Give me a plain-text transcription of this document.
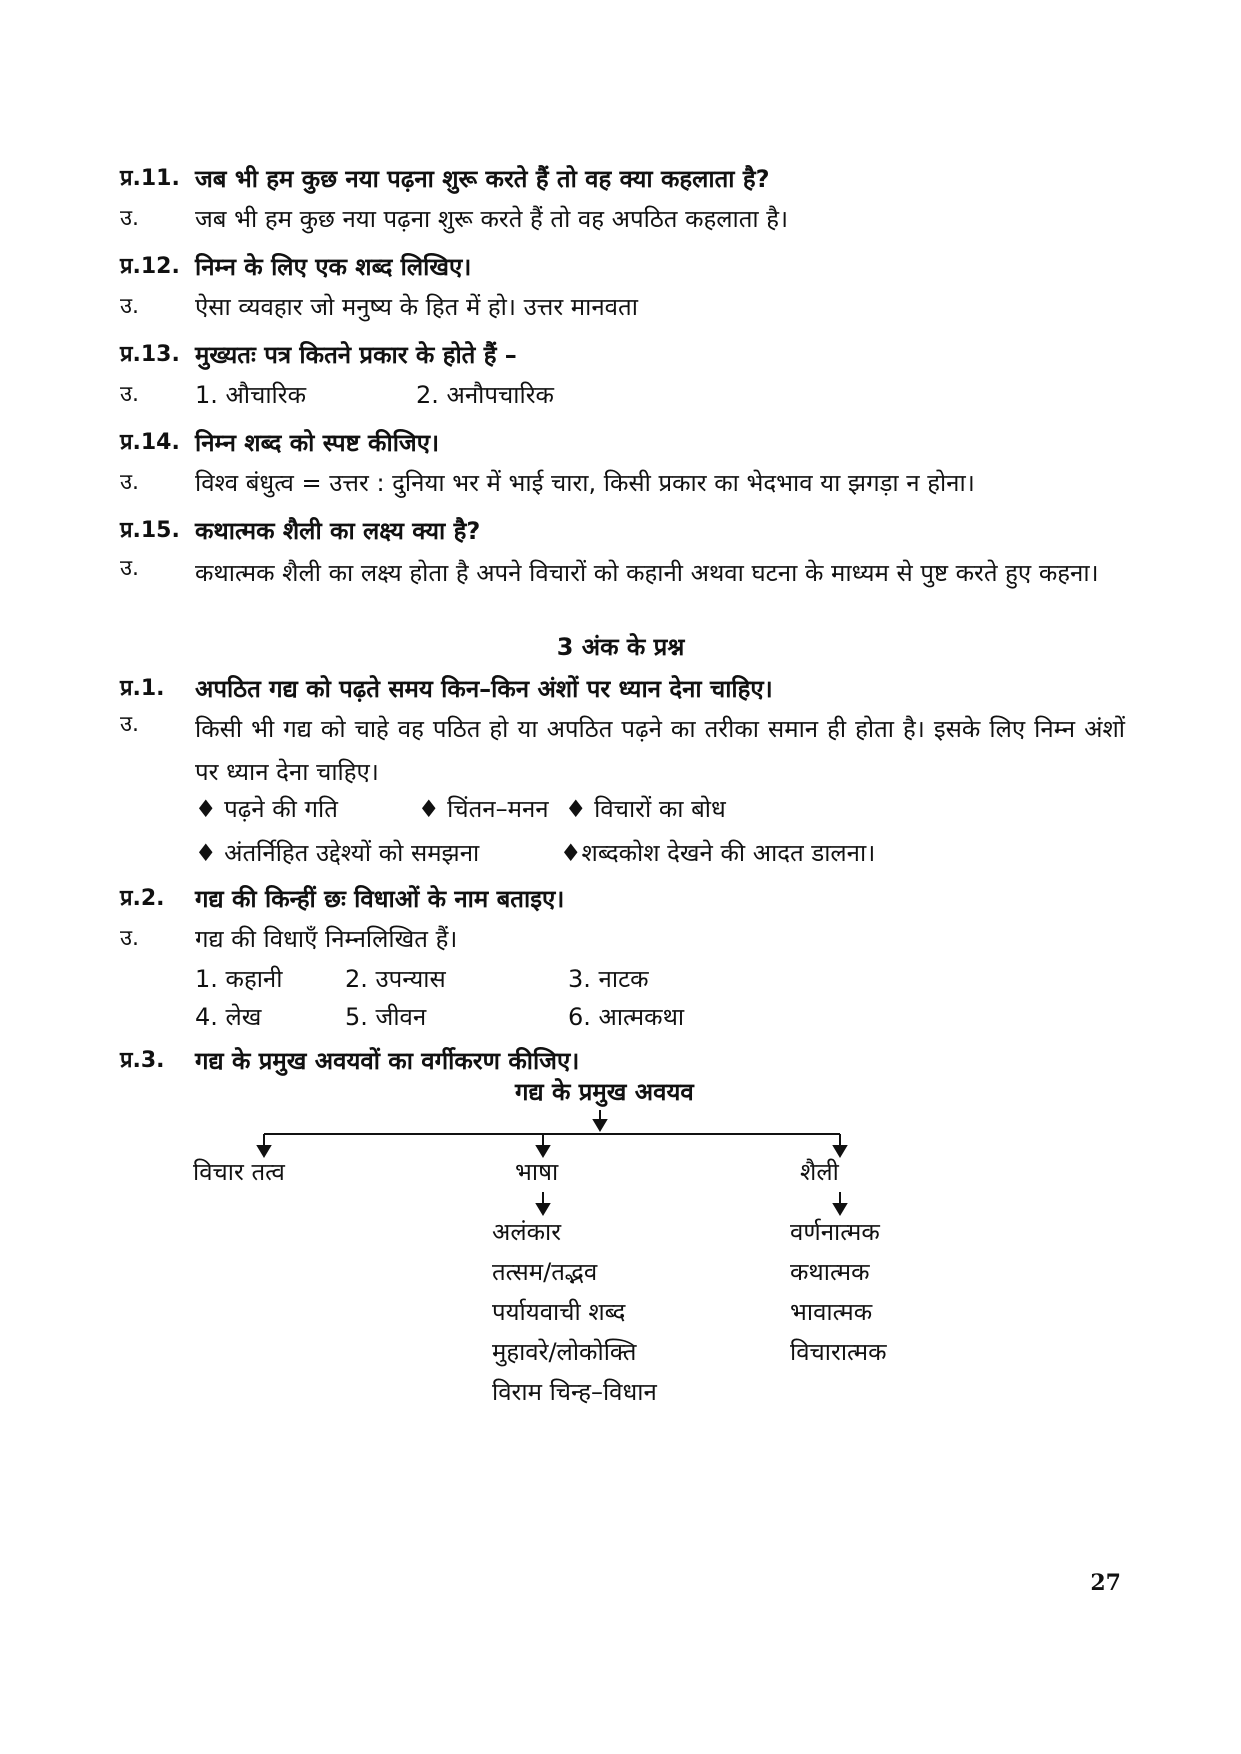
प्र.11. जब भी हम कुछ नया पढ़ना शुरू करते हैं तो वह क्या कहलाता है?
उ. जब भी हम कुछ नया पढ़ना शुरू करते हैं तो वह अपठित कहलाता है।
प्र.12. निम्न के लिए एक शब्द लिखिए।
उ. ऐसा व्यवहार जो मनुष्य के हित में हो। उत्तर मानवता
प्र.13. मुख्यतः पत्र कितने प्रकार के होते हैं –
उ. 1. औचारिक	2. अनौपचारिक
प्र.14. निम्न शब्द को स्पष्ट कीजिए।
उ. विश्व बंधुत्व = उत्तर : दुनिया भर में भाई चारा, किसी प्रकार का भेदभाव या झगड़ा न होना।
प्र.15. कथात्मक शैली का लक्ष्य क्या है?
उ. कथात्मक शैली का लक्ष्य होता है अपने विचारों को कहानी अथवा घटना के माध्यम से पुष्ट करते हुए कहना।
3 अंक के प्रश्न
प्र.1. अपठित गद्य को पढ़ते समय किन–किन अंशों पर ध्यान देना चाहिए।
उ. किसी भी गद्य को चाहे वह पठित हो या अपठित पढ़ने का तरीका समान ही होता है। इसके लिए निम्न अंशों पर ध्यान देना चाहिए।
♦ पढ़ने की गति	♦ चिंतन–मनन ♦ विचारों का बोध
♦ अंतर्निहित उद्देश्यों को समझना	♦शब्दकोश देखने की आदत डालना।
प्र.2. गद्य की किन्हीं छः विधाओं के नाम बताइए।
उ. गद्य की विधाएँ निम्नलिखित हैं।
1. कहानी	2. उपन्यास	3. नाटक
4. लेख	5. जीवन	6. आत्मकथा
प्र.3. गद्य के प्रमुख अवयवों का वर्गीकरण कीजिए।
गद्य के प्रमुख अवयव
विचार तत्व	भाषा	शैली
अलंकार
तत्सम/तद्भव
पर्यायवाची शब्द
मुहावरे/लोकोक्ति
विराम चिन्ह–विधान
वर्णनात्मक
कथात्मक
भावात्मक
विचारात्मक
27
